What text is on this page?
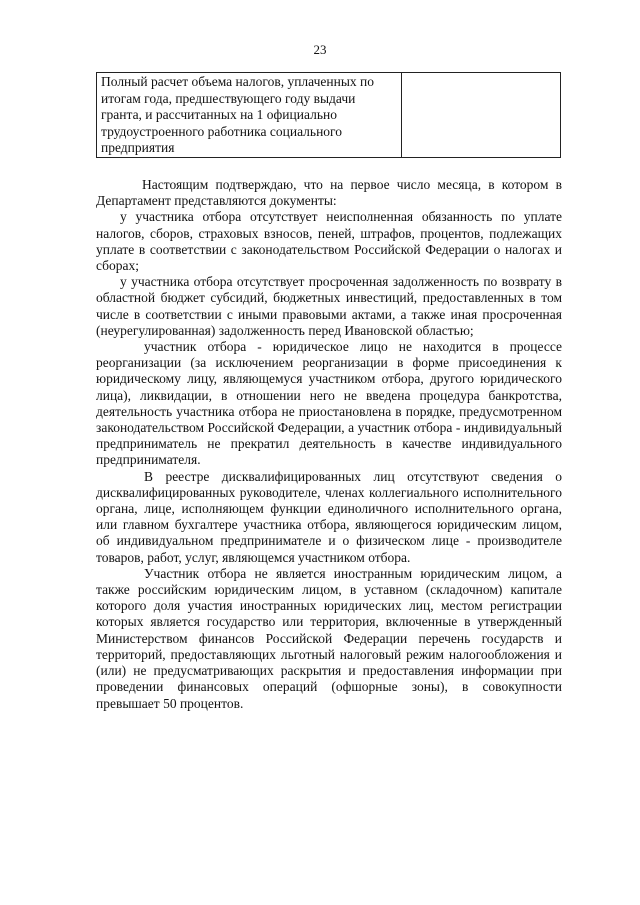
23
Полный расчет объема налогов, уплаченных по итогам года, предшествующего году выдачи гранта, и рассчитанных на 1 официально трудоустроенного работника социального предприятия

Настоящим подтверждаю, что на первое число месяца, в котором в Департамент представляются документы:

у участника отбора отсутствует неисполненная обязанность по уплате налогов, сборов, страховых взносов, пеней, штрафов, процентов, подлежащих уплате в соответствии с законодательством Российской Федерации о налогах и сборах;

у участника отбора отсутствует просроченная задолженность по возврату в областной бюджет субсидий, бюджетных инвестиций, предоставленных в том числе в соответствии с иными правовыми актами, а также иная просроченная (неурегулированная) задолженность перед Ивановской областью;

участник отбора - юридическое лицо не находится в процессе реорганизации (за исключением реорганизации в форме присоединения к юридическому лицу, являющемуся участником отбора, другого юридического лица), ликвидации, в отношении него не введена процедура банкротства, деятельность участника отбора не приостановлена в порядке, предусмотренном законодательством Российской Федерации, а участник отбора - индивидуальный предприниматель не прекратил деятельность в качестве индивидуального предпринимателя.

В реестре дисквалифицированных лиц отсутствуют сведения о дисквалифицированных руководителе, членах коллегиального исполнительного органа, лице, исполняющем функции единоличного исполнительного органа, или главном бухгалтере участника отбора, являющегося юридическим лицом, об индивидуальном предпринимателе и о физическом лице - производителе товаров, работ, услуг, являющемся участником отбора.

Участник отбора не является иностранным юридическим лицом, а также российским юридическим лицом, в уставном (складочном) капитале которого доля участия иностранных юридических лиц, местом регистрации которых является государство или территория, включенные в утвержденный Министерством финансов Российской Федерации перечень государств и территорий, предоставляющих льготный налоговый режим налогообложения и (или) не предусматривающих раскрытия и предоставления информации при проведении финансовых операций (офшорные зоны), в совокупности превышает 50 процентов.
